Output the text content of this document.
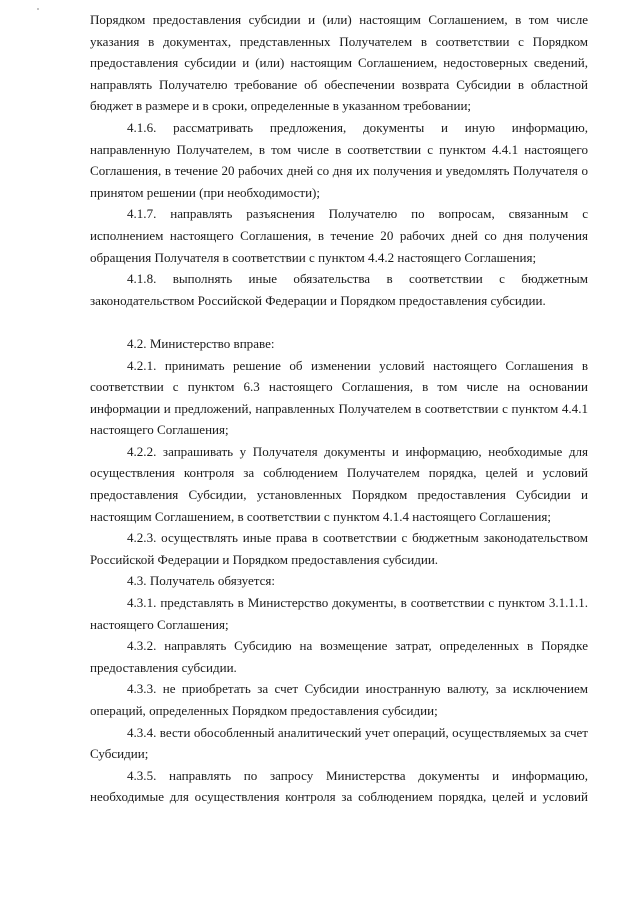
Порядком предоставления субсидии и (или) настоящим Соглашением, в том числе указания в документах, представленных Получателем в соответствии с Порядком предоставления субсидии и (или) настоящим Соглашением, недостоверных сведений, направлять Получателю требование об обеспечении возврата Субсидии в областной бюджет в размере и в сроки, определенные в указанном требовании;

4.1.6. рассматривать предложения, документы и иную информацию, направленную Получателем, в том числе в соответствии с пунктом 4.4.1 настоящего Соглашения, в течение 20 рабочих дней со дня их получения и уведомлять Получателя о принятом решении (при необходимости);

4.1.7. направлять разъяснения Получателю по вопросам, связанным с исполнением настоящего Соглашения, в течение 20 рабочих дней со дня получения обращения Получателя в соответствии с пунктом 4.4.2 настоящего Соглашения;

4.1.8. выполнять иные обязательства в соответствии с бюджетным законодательством Российской Федерации и Порядком предоставления субсидии.

4.2. Министерство вправе:

4.2.1. принимать решение об изменении условий настоящего Соглашения в соответствии с пунктом 6.3 настоящего Соглашения, в том числе на основании информации и предложений, направленных Получателем в соответствии с пунктом 4.4.1 настоящего Соглашения;

4.2.2. запрашивать у Получателя документы и информацию, необходимые для осуществления контроля за соблюдением Получателем порядка, целей и условий предоставления Субсидии, установленных Порядком предоставления Субсидии и настоящим Соглашением, в соответствии с пунктом 4.1.4 настоящего Соглашения;

4.2.3. осуществлять иные права в соответствии с бюджетным законодательством Российской Федерации и Порядком предоставления субсидии.

4.3. Получатель обязуется:

4.3.1. представлять в Министерство документы, в соответствии с пунктом 3.1.1.1. настоящего Соглашения;

4.3.2. направлять Субсидию на возмещение затрат, определенных в Порядке предоставления субсидии.

4.3.3. не приобретать за счет Субсидии иностранную валюту, за исключением операций, определенных Порядком предоставления субсидии;

4.3.4. вести обособленный аналитический учет операций, осуществляемых за счет Субсидии;

4.3.5. направлять по запросу Министерства документы и информацию, необходимые для осуществления контроля за соблюдением порядка, целей и условий
